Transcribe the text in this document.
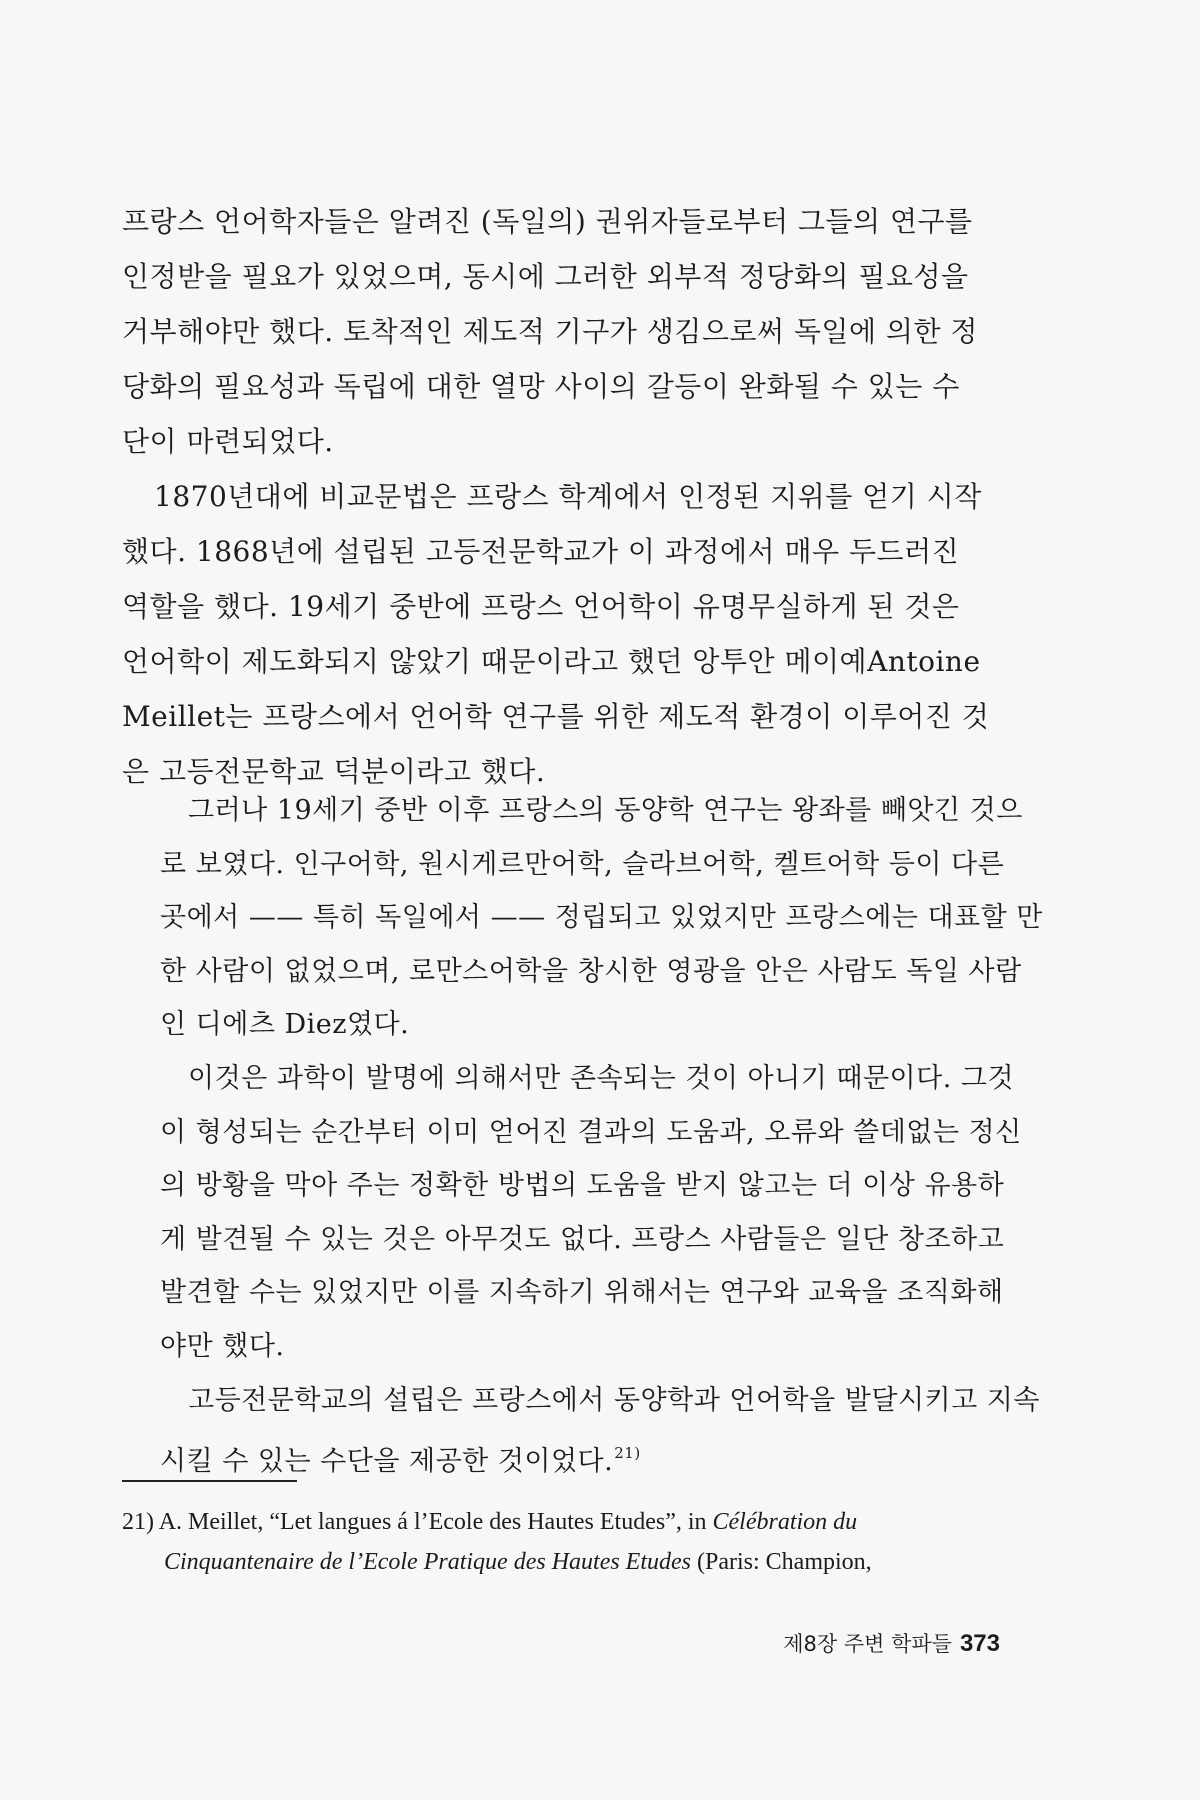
프랑스 언어학자들은 알려진 (독일의) 권위자들로부터 그들의 연구를
인정받을 필요가 있었으며, 동시에 그러한 외부적 정당화의 필요성을
거부해야만 했다. 토착적인 제도적 기구가 생김으로써 독일에 의한 정
당화의 필요성과 독립에 대한 열망 사이의 갈등이 완화될 수 있는 수
단이 마련되었다.
1870년대에 비교문법은 프랑스 학계에서 인정된 지위를 얻기 시작
했다. 1868년에 설립된 고등전문학교가 이 과정에서 매우 두드러진
역할을 했다. 19세기 중반에 프랑스 언어학이 유명무실하게 된 것은
언어학이 제도화되지 않았기 때문이라고 했던 앙투안 메이예Antoine
Meillet는 프랑스에서 언어학 연구를 위한 제도적 환경이 이루어진 것
은 고등전문학교 덕분이라고 했다.
그러나 19세기 중반 이후 프랑스의 동양학 연구는 왕좌를 빼앗긴 것으
로 보였다. 인구어학, 원시게르만어학, 슬라브어학, 켈트어학 등이 다른
곳에서 —— 특히 독일에서 —— 정립되고 있었지만 프랑스에는 대표할 만
한 사람이 없었으며, 로만스어학을 창시한 영광을 안은 사람도 독일 사람
인 디에츠 Diez였다.
이것은 과학이 발명에 의해서만 존속되는 것이 아니기 때문이다. 그것
이 형성되는 순간부터 이미 얻어진 결과의 도움과, 오류와 쓸데없는 정신
의 방황을 막아 주는 정확한 방법의 도움을 받지 않고는 더 이상 유용하
게 발견될 수 있는 것은 아무것도 없다. 프랑스 사람들은 일단 창조하고
발견할 수는 있었지만 이를 지속하기 위해서는 연구와 교육을 조직화해
야만 했다.
고등전문학교의 설립은 프랑스에서 동양학과 언어학을 발달시키고 지속
시킬 수 있는 수단을 제공한 것이었다.$^{21)}$
21) A. Meillet, “Let langues á l’Ecole des Hautes Etudes”, in Célébration du
Cinquantenaire de l’Ecole Pratique des Hautes Etudes (Paris: Champion,
제8장 주변 학파들 373
